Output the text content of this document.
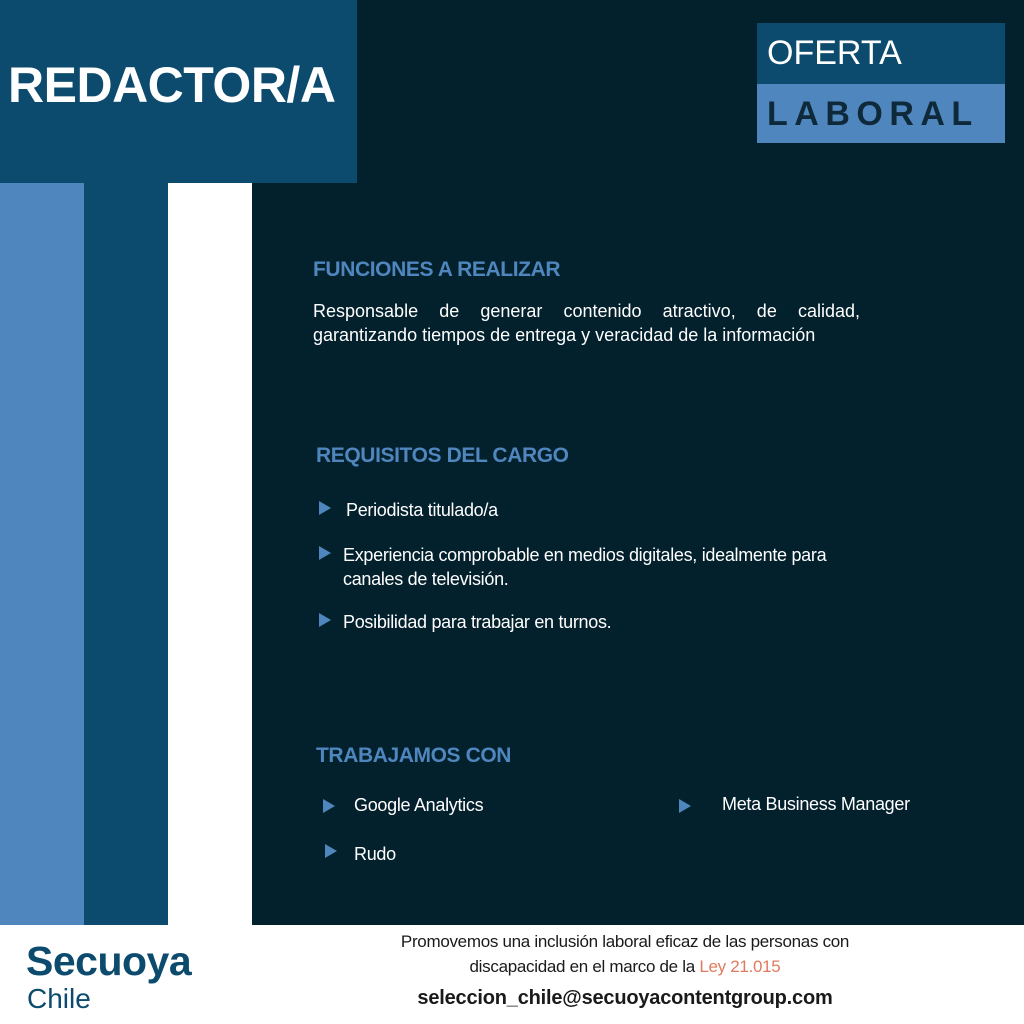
REDACTOR/A
OFERTA
LABORAL
FUNCIONES A REALIZAR
Responsable de generar contenido atractivo, de calidad, garantizando tiempos de entrega y veracidad de la información
REQUISITOS DEL CARGO
Periodista titulado/a
Experiencia comprobable en medios digitales, idealmente para canales de televisión.
Posibilidad para trabajar en turnos.
TRABAJAMOS CON
Google Analytics	Meta Business Manager
Rudo
Secuoya
Chile
Promovemos una inclusión laboral eficaz de las personas con discapacidad en el marco de la Ley 21.015
seleccion_chile@secuoyacontentgroup.com
